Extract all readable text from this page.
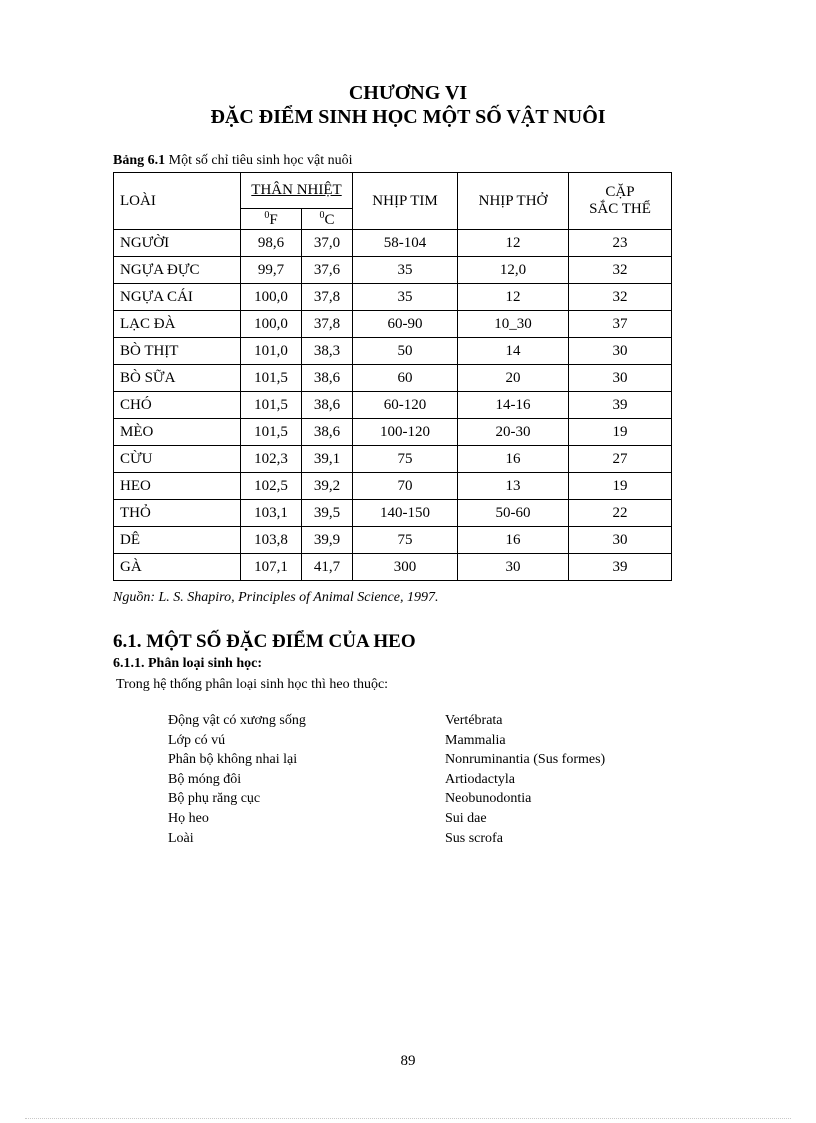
CHƯƠNG VI
ĐẶC ĐIỂM SINH HỌC MỘT SỐ VẬT NUÔI
Bảng 6.1 Một số chỉ tiêu sinh học vật nuôi
LOÀI	THÂN NHIỆT		NHỊP TIM	NHỊP THỞ	CẶP
SẮC THỂ

	$^0$F	$^0$C			
NGƯỜI	98,6	37,0	58-104	12	23
NGỰA ĐỰC	99,7	37,6	35	12,0	32
NGỰA CÁI	100,0	37,8	35	12	32
LẠC ĐÀ	100,0	37,8	60-90	10_30	37
BÒ THỊT	101,0	38,3	50	14	30
BÒ SỮA	101,5	38,6	60	20	30
CHÓ	101,5	38,6	60-120	14-16	39
MÈO	101,5	38,6	100-120	20-30	19
CỪU	102,3	39,1	75	16	27
HEO	102,5	39,2	70	13	19
THỎ	103,1	39,5	140-150	50-60	22
DÊ	103,8	39,9	75	16	30
GÀ	107,1	41,7	300	30	39
Nguồn: L. S. Shapiro, Principles of Animal Science, 1997.
6.1. MỘT SỐ ĐẶC ĐIỂM CỦA HEO
6.1.1. Phân loại sinh học:
Trong hệ thống phân loại sinh học thì heo thuộc:
Động vật có xương sống	Vertébrata
Lớp có vú	Mammalia
Phân bộ không nhai lại	Nonruminantia (Sus formes)
Bộ móng đôi	Artiodactyla
Bộ phụ răng cục	Neobunodontia
Họ heo	Sui dae
Loài	Sus scrofa
89
